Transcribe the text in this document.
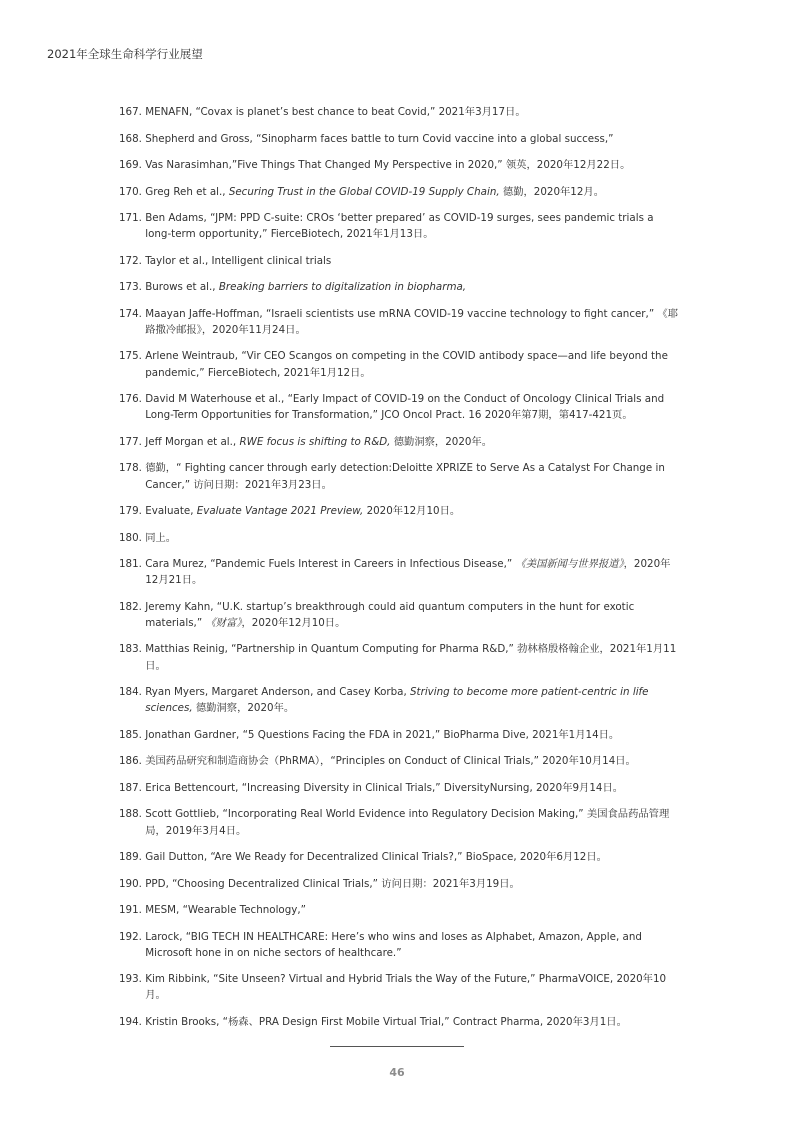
2021年全球生命科学行业展望
167.
MENAFN, “Covax is planet’s best chance to beat Covid,” 2021年3月17日。
168.
Shepherd and Gross, “Sinopharm faces battle to turn Covid vaccine into a global success,”
169.
Vas Narasimhan,”Five Things That Changed My Perspective in 2020,” 领英，2020年12月22日。
170.
Greg Reh et al., Securing Trust in the Global COVID-19 Supply Chain, 德勤，2020年12月。
171.
Ben Adams, “JPM: PPD C-suite: CROs ‘better prepared’ as COVID-19 surges, sees pandemic trials a long-term opportunity,” FierceBiotech, 2021年1月13日。
172.
Taylor et al., Intelligent clinical trials
173.
Burows et al., Breaking barriers to digitalization in biopharma,
174.
Maayan Jaffe-Hoffman, “Israeli scientists use mRNA COVID-19 vaccine technology to fight cancer,” 《耶路撒冷邮报》，2020年11月24日。
175.
Arlene Weintraub, “Vir CEO Scangos on competing in the COVID antibody space—and life beyond the pandemic,” FierceBiotech, 2021年1月12日。
176.
David M Waterhouse et al., “Early Impact of COVID-19 on the Conduct of Oncology Clinical Trials and Long-Term Opportunities for Transformation,” JCO Oncol Pract. 16 2020年第7期，第417-421页。
177.
Jeff Morgan et al., RWE focus is shifting to R&D, 德勤洞察，2020年。
178.
德勤，“ Fighting cancer through early detection:Deloitte XPRIZE to Serve As a Catalyst For Change in Cancer,” 访问日期：2021年3月23日。
179.
Evaluate, Evaluate Vantage 2021 Preview, 2020年12月10日。
180.
同上。
181.
Cara Murez, “Pandemic Fuels Interest in Careers in Infectious Disease,” 《美国新闻与世界报道》，2020年12月21日。
182.
Jeremy Kahn, “U.K. startup’s breakthrough could aid quantum computers in the hunt for exotic materials,” 《财富》，2020年12月10日。
183.
Matthias Reinig, “Partnership in Quantum Computing for Pharma R&D,” 勃林格殷格翰企业，2021年1月11日。
184.
Ryan Myers, Margaret Anderson, and Casey Korba, Striving to become more patient-centric in life sciences, 德勤洞察，2020年。
185.
Jonathan Gardner, “5 Questions Facing the FDA in 2021,” BioPharma Dive, 2021年1月14日。
186.
美国药品研究和制造商协会（PhRMA），“Principles on Conduct of Clinical Trials,” 2020年10月14日。
187.
Erica Bettencourt, “Increasing Diversity in Clinical Trials,” DiversityNursing, 2020年9月14日。
188.
Scott Gottlieb, “Incorporating Real World Evidence into Regulatory Decision Making,” 美国食品药品管理局，2019年3月4日。
189.
Gail Dutton, “Are We Ready for Decentralized Clinical Trials?,” BioSpace, 2020年6月12日。
190.
PPD, “Choosing Decentralized Clinical Trials,” 访问日期：2021年3月19日。
191.
MESM, “Wearable Technology,”
192.
Larock, “BIG TECH IN HEALTHCARE: Here’s who wins and loses as Alphabet, Amazon, Apple, and Microsoft hone in on niche sectors of healthcare.”
193.
Kim Ribbink, “Site Unseen? Virtual and Hybrid Trials the Way of the Future,” PharmaVOICE, 2020年10月。
194.
Kristin Brooks, “杨森、PRA Design First Mobile Virtual Trial,” Contract Pharma, 2020年3月1日。
46
